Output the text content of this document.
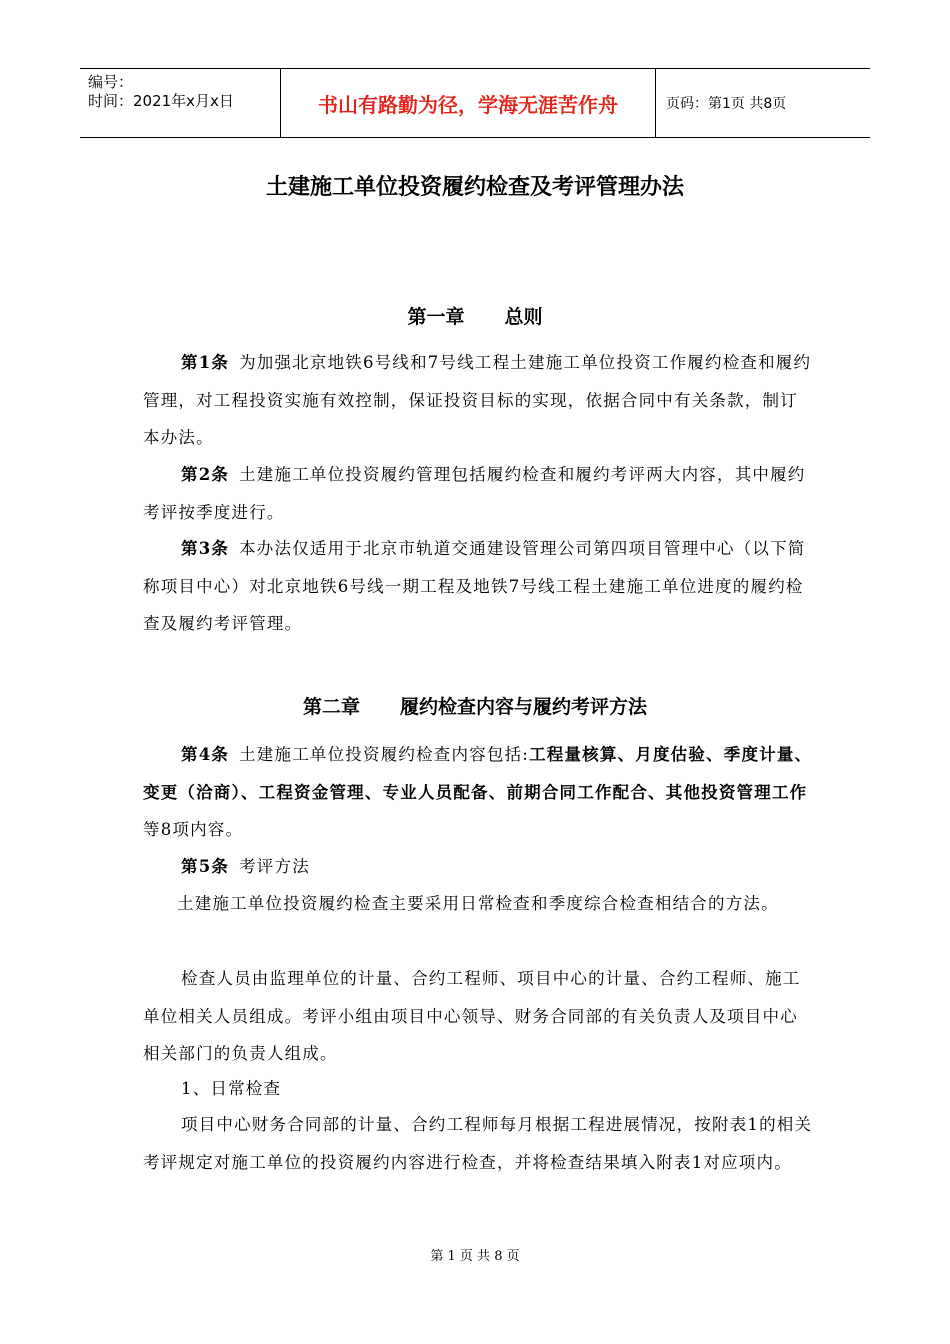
编号：
时间：2021年x月x日	书山有路勤为径，学海无涯苦作舟	页码：第1页 共8页
土建施工单位投资履约检查及考评管理办法
第一章 总则
第1条 为加强北京地铁6号线和7号线工程土建施工单位投资工作履约检查和履约管理，对工程投资实施有效控制，保证投资目标的实现，依据合同中有关条款，制订本办法。
第2条 土建施工单位投资履约管理包括履约检查和履约考评两大内容，其中履约考评按季度进行。
第3条 本办法仅适用于北京市轨道交通建设管理公司第四项目管理中心（以下简称项目中心）对北京地铁6号线一期工程及地铁7号线工程土建施工单位进度的履约检查及履约考评管理。
第二章 履约检查内容与履约考评方法
第4条 土建施工单位投资履约检查内容包括:工程量核算、月度估验、季度计量、变更（洽商）、工程资金管理、专业人员配备、前期合同工作配合、其他投资管理工作等8项内容。
第5条 考评方法
土建施工单位投资履约检查主要采用日常检查和季度综合检查相结合的方法。
检查人员由监理单位的计量、合约工程师、项目中心的计量、合约工程师、施工单位相关人员组成。考评小组由项目中心领导、财务合同部的有关负责人及项目中心相关部门的负责人组成。
1、日常检查
项目中心财务合同部的计量、合约工程师每月根据工程进展情况，按附表1的相关考评规定对施工单位的投资履约内容进行检查，并将检查结果填入附表1对应项内。
第 1 页 共 8 页
